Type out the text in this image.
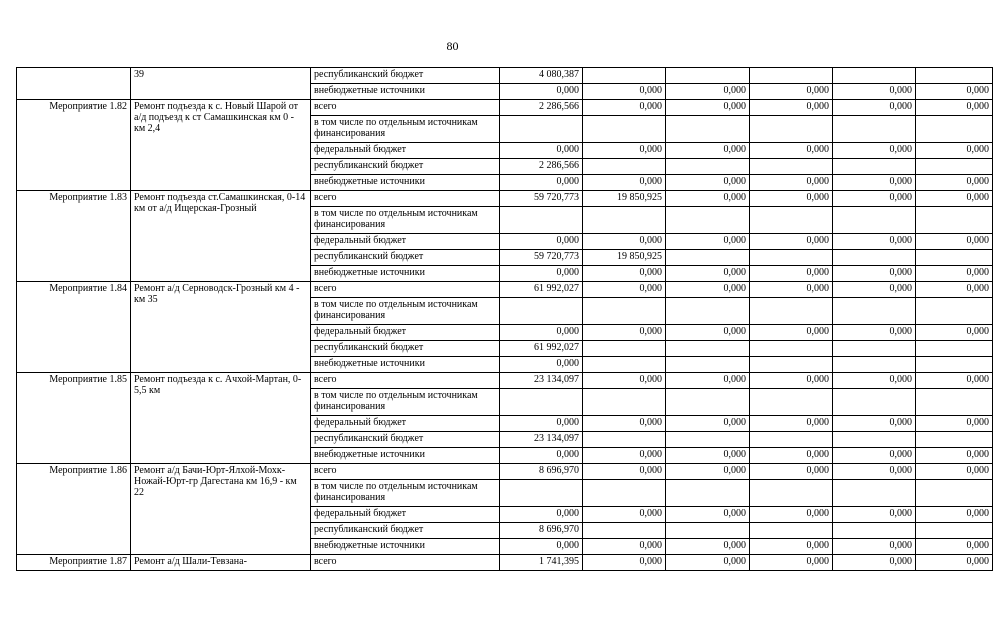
80
	39	республиканский бюджет	4 080,387					
		внебюджетные источники	0,000	0,000	0,000	0,000	0,000	0,000
Мероприятие 1.82	Ремонт подъезда к с. Новый Шарой от а/д подъезд к ст Самашкинская км 0 - км 2,4	всего	2 286,566	0,000	0,000	0,000	0,000	0,000
		в том числе по отдельным источникам финансирования						
		федеральный бюджет	0,000	0,000	0,000	0,000	0,000	0,000
		республиканский бюджет	2 286,566					
		внебюджетные источники	0,000	0,000	0,000	0,000	0,000	0,000
Мероприятие 1.83	Ремонт подъезда ст.Самашкинская, 0-14 км от а/д Ищерская-Грозный	всего	59 720,773	19 850,925	0,000	0,000	0,000	0,000
		в том числе по отдельным источникам финансирования						
		федеральный бюджет	0,000	0,000	0,000	0,000	0,000	0,000
		республиканский бюджет	59 720,773	19 850,925				
		внебюджетные источники	0,000	0,000	0,000	0,000	0,000	0,000
Мероприятие 1.84	Ремонт а/д Серноводск-Грозный км 4 - км 35	всего	61 992,027	0,000	0,000	0,000	0,000	0,000
		в том числе по отдельным источникам финансирования						
		федеральный бюджет	0,000	0,000	0,000	0,000	0,000	0,000
		республиканский бюджет	61 992,027					
		внебюджетные источники	0,000					
Мероприятие 1.85	Ремонт подъезда к с. Ачхой-Мартан, 0-5,5 км	всего	23 134,097	0,000	0,000	0,000	0,000	0,000
		в том числе по отдельным источникам финансирования						
		федеральный бюджет	0,000	0,000	0,000	0,000	0,000	0,000
		республиканский бюджет	23 134,097					
		внебюджетные источники	0,000	0,000	0,000	0,000	0,000	0,000
Мероприятие 1.86	Ремонт а/д Бачи-Юрт-Ялхой-Мохк-Ножай-Юрт-гр Дагестана км 16,9 - км 22	всего	8 696,970	0,000	0,000	0,000	0,000	0,000
		в том числе по отдельным источникам финансирования						
		федеральный бюджет	0,000	0,000	0,000	0,000	0,000	0,000
		республиканский бюджет	8 696,970					
		внебюджетные источники	0,000	0,000	0,000	0,000	0,000	0,000
Мероприятие 1.87	Ремонт а/д Шали-Тевзана-	всего	1 741,395	0,000	0,000	0,000	0,000	0,000
